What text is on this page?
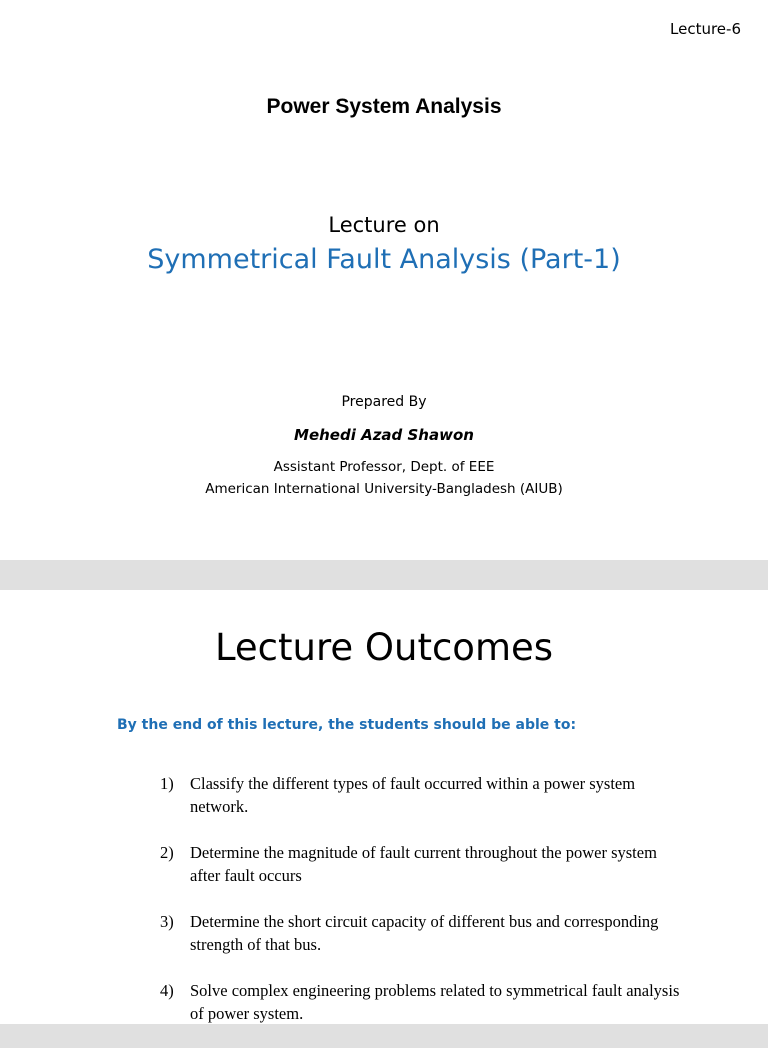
Lecture-6
Power System Analysis
Lecture on
Symmetrical Fault Analysis (Part-1)
Prepared By
Mehedi Azad Shawon
Assistant Professor, Dept. of EEE
American International University-Bangladesh (AIUB)
Lecture Outcomes
By the end of this lecture, the students should be able to:
1) Classify the different types of fault occurred within a power system network.
2) Determine the magnitude of fault current throughout the power system after fault occurs
3) Determine the short circuit capacity of different bus and corresponding strength of that bus.
4) Solve complex engineering problems related to symmetrical fault analysis of power system.
